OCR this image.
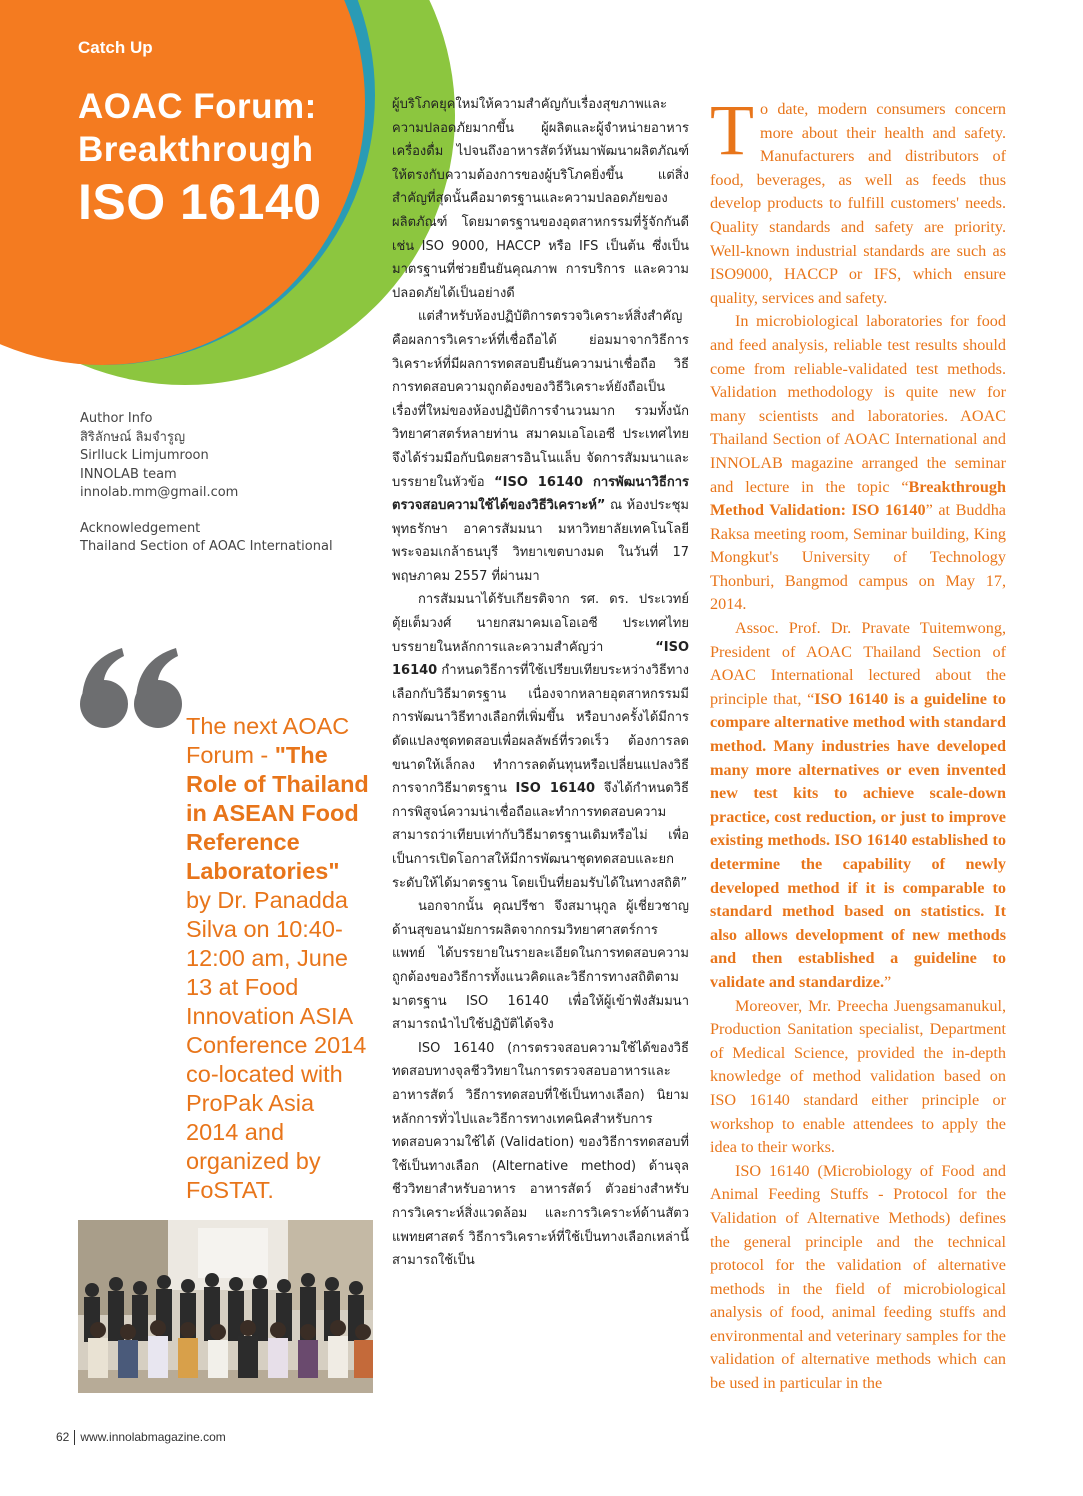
Catch Up
AOAC Forum:
Breakthrough
ISO 16140
Author Info
สิริลักษณ์ ลิมจำรูญ
Sirlluck Limjumroon
INNOLAB team
innolab.mm@gmail.com
Acknowledgement
Thailand Section of AOAC International
The next AOAC Forum - "The Role of Thailand in ASEAN Food Reference Laboratories" by Dr. Panadda Silva on 10:40-12:00 am, June 13 at Food Innovation ASIA Conference 2014 co-located with ProPak Asia 2014 and organized by FoSTAT.

ผู้บริโภคยุคใหม่ให้ความสำคัญกับเรื่องสุขภาพและความปลอดภัยมากขึ้น ผู้ผลิตและผู้จำหน่ายอาหาร เครื่องดื่ม ไปจนถึงอาหารสัตว์หันมาพัฒนาผลิตภัณฑ์ให้ตรงกับความต้องการของผู้บริโภคยิ่งขึ้น แต่สิ่งสำคัญที่สุดนั้นคือมาตรฐานและความปลอดภัยของผลิตภัณฑ์ โดยมาตรฐานของอุตสาหกรรมที่รู้จักกันดีเช่น ISO 9000, HACCP หรือ IFS เป็นต้น ซึ่งเป็นมาตรฐานที่ช่วยยืนยันคุณภาพ การบริการ และความปลอดภัยได้เป็นอย่างดี

แต่สำหรับห้องปฏิบัติการตรวจวิเคราะห์สิ่งสำคัญคือผลการวิเคราะห์ที่เชื่อถือได้ ย่อมมาจากวิธีการวิเคราะห์ที่มีผลการทดสอบยืนยันความน่าเชื่อถือ วิธีการทดสอบความถูกต้องของวิธีวิเคราะห์ยังถือเป็นเรื่องที่ใหม่ของห้องปฏิบัติการจำนวนมาก รวมทั้งนักวิทยาศาสตร์หลายท่าน สมาคมเอโอเอซี ประเทศไทยจึงได้ร่วมมือกับนิตยสารอินโนแล็บ จัดการสัมมนาและบรรยายในหัวข้อ “ISO 16140 การพัฒนาวิธีการตรวจสอบความใช้ได้ของวิธีวิเคราะห์” ณ ห้องประชุมพุทธรักษา อาคารสัมมนา มหาวิทยาลัยเทคโนโลยีพระจอมเกล้าธนบุรี วิทยาเขตบางมด ในวันที่ 17 พฤษภาคม 2557 ที่ผ่านมา

การสัมมนาได้รับเกียรติจาก รศ. ดร. ประเวทย์ ตุ้ยเต็มวงศ์ นายกสมาคมเอโอเอซี ประเทศไทย บรรยายในหลักการและความสำคัญว่า “ISO 16140 กำหนดวิธีการที่ใช้เปรียบเทียบระหว่างวิธีทางเลือกกับวิธีมาตรฐาน เนื่องจากหลายอุตสาหกรรมมีการพัฒนาวิธีทางเลือกที่เพิ่มขึ้น หรือบางครั้งได้มีการดัดแปลงชุดทดสอบเพื่อผลลัพธ์ที่รวดเร็ว ต้องการลดขนาดให้เล็กลง ทำการลดต้นทุนหรือเปลี่ยนแปลงวิธีการจากวิธีมาตรฐาน ISO 16140 จึงได้กำหนดวิธีการพิสูจน์ความน่าเชื่อถือและทำการทดสอบความสามารถว่าเทียบเท่ากับวิธีมาตรฐานเดิมหรือไม่ เพื่อเป็นการเปิดโอกาสให้มีการพัฒนาชุดทดสอบและยกระดับให้ได้มาตรฐาน โดยเป็นที่ยอมรับได้ในทางสถิติ”

นอกจากนั้น คุณปรีชา จึงสมานุกูล ผู้เชี่ยวชาญด้านสุขอนามัยการผลิตจากกรมวิทยาศาสตร์การแพทย์ ได้บรรยายในรายละเอียดในการทดสอบความถูกต้องของวิธีการทั้งแนวคิดและวิธีการทางสถิติตามมาตรฐาน ISO 16140 เพื่อให้ผู้เข้าฟังสัมมนาสามารถนำไปใช้ปฏิบัติได้จริง

ISO 16140 (การตรวจสอบความใช้ได้ของวิธีทดสอบทางจุลชีววิทยาในการตรวจสอบอาหารและอาหารสัตว์ วิธีการทดสอบที่ใช้เป็นทางเลือก) นิยามหลักการทั่วไปและวิธีการทางเทคนิคสำหรับการทดสอบความใช้ได้ (Validation) ของวิธีการทดสอบที่ใช้เป็นทางเลือก (Alternative method) ด้านจุลชีววิทยาสำหรับอาหาร อาหารสัตว์ ตัวอย่างสำหรับการวิเคราะห์สิ่งแวดล้อม และการวิเคราะห์ด้านสัตวแพทยศาสตร์ วิธีการวิเคราะห์ที่ใช้เป็นทางเลือกเหล่านี้สามารถใช้เป็น

To date, modern consumers concern more about their health and safety. Manufacturers and distributors of food, beverages, as well as feeds thus develop products to fulfill customers' needs. Quality standards and safety are priority. Well-known industrial standards are such as ISO9000, HACCP or IFS, which ensure quality, services and safety.

In microbiological laboratories for food and feed analysis, reliable test results should come from reliable-validated test methods. Validation methodology is quite new for many scientists and laboratories. AOAC Thailand Section of AOAC International and INNOLAB magazine arranged the seminar and lecture in the topic “Breakthrough Method Validation: ISO 16140” at Buddha Raksa meeting room, Seminar building, King Mongkut's University of Technology Thonburi, Bangmod campus on May 17, 2014.

Assoc. Prof. Dr. Pravate Tuitemwong, President of AOAC Thailand Section of AOAC International lectured about the principle that, “ISO 16140 is a guideline to compare alternative method with standard method. Many industries have developed many more alternatives or even invented new test kits to achieve scale-down practice, cost reduction, or just to improve existing methods. ISO 16140 established to determine the capability of newly developed method if it is comparable to standard method based on statistics. It also allows development of new methods and then established a guideline to validate and standardize.”

Moreover, Mr. Preecha Juengsamanukul, Production Sanitation specialist, Department of Medical Science, provided the in-depth knowledge of method validation based on ISO 16140 standard either principle or workshop to enable attendees to apply the idea to their works.

ISO 16140 (Microbiology of Food and Animal Feeding Stuffs - Protocol for the Validation of Alternative Methods) defines the general principle and the technical protocol for the validation of alternative methods in the field of microbiological analysis of food, animal feeding stuffs and environmental and veterinary samples for the validation of alternative methods which can be used in particular in the

62 www.innolabmagazine.com
